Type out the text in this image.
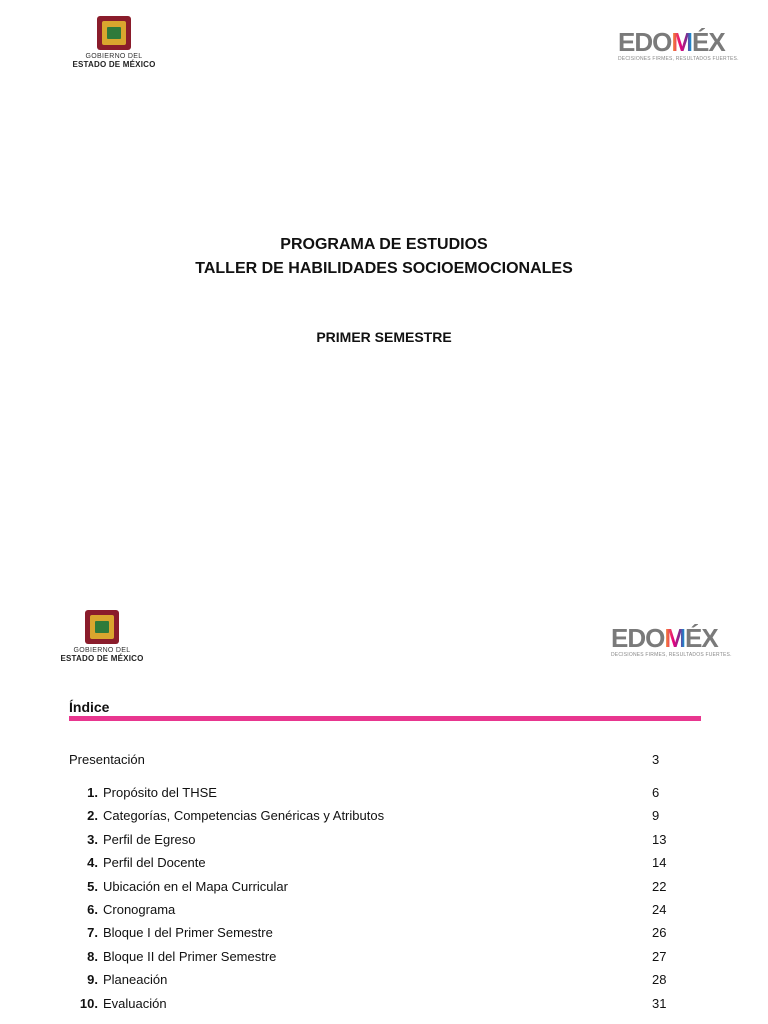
GOBIERNO DEL
ESTADO DE MÉXICO
EDOMÉX
DECISIONES FIRMES, RESULTADOS FUERTES.
PROGRAMA DE ESTUDIOS
TALLER DE HABILIDADES SOCIOEMOCIONALES
PRIMER SEMESTRE
GOBIERNO DEL
ESTADO DE MÉXICO
EDOMÉX
DECISIONES FIRMES, RESULTADOS FUERTES.
Índice
Presentación	3
1. Propósito del THSE	6
2. Categorías, Competencias Genéricas y Atributos	9
3. Perfil de Egreso	13
4. Perfil del Docente	14
5. Ubicación en el Mapa Curricular	22
6. Cronograma	24
7. Bloque I del Primer Semestre	26
8. Bloque II del Primer Semestre	27
9. Planeación	28
10. Evaluación	31
